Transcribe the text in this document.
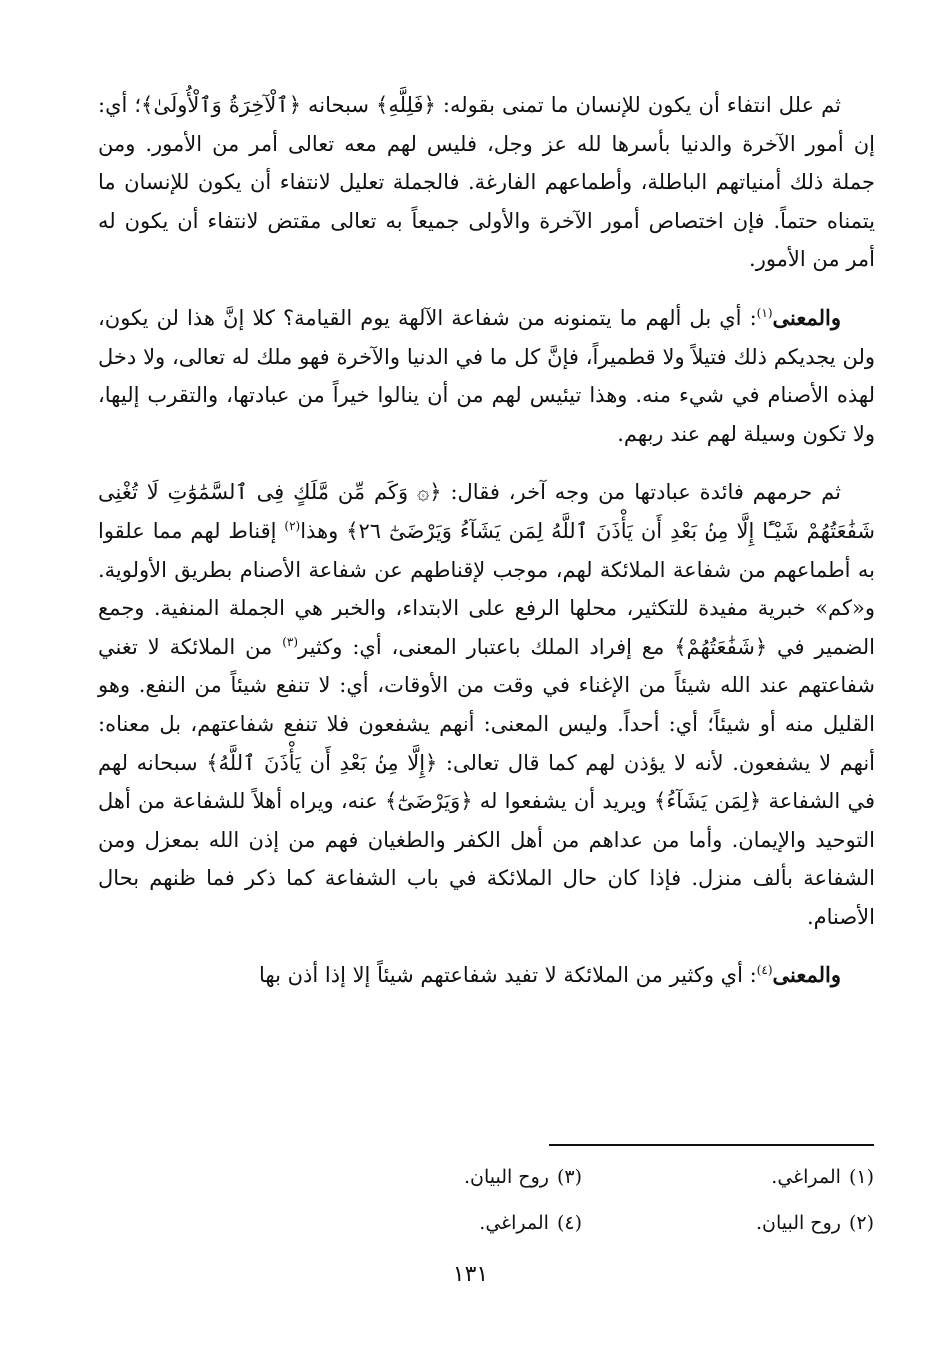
ثم علل انتفاء أن يكون للإنسان ما تمنى بقوله: ﴿فَلِلَّهِ﴾ سبحانه ﴿ٱلْآخِرَةُ وَٱلْأُولَىٰ﴾؛ أي: إن أمور الآخرة والدنيا بأسرها لله عز وجل، فليس لهم معه تعالى أمر من الأمور. ومن جملة ذلك أمنياتهم الباطلة، وأطماعهم الفارغة. فالجملة تعليل لانتفاء أن يكون للإنسان ما يتمناه حتماً. فإن اختصاص أمور الآخرة والأولى جميعاً به تعالى مقتض لانتفاء أن يكون له أمر من الأمور.

والمعنى$^{(١)}$: أي بل ألهم ما يتمنونه من شفاعة الآلهة يوم القيامة؟ كلا إنَّ هذا لن يكون، ولن يجديكم ذلك فتيلاً ولا قطميراً، فإنَّ كل ما في الدنيا والآخرة فهو ملك له تعالى، ولا دخل لهذه الأصنام في شيء منه. وهذا تيئيس لهم من أن ينالوا خيراً من عبادتها، والتقرب إليها، ولا تكون وسيلة لهم عند ربهم.

ثم حرمهم فائدة عبادتها من وجه آخر، فقال: ﴿۞ وَكَم مِّن مَّلَكٍ فِى ٱلسَّمَٰوَٰتِ لَا تُغْنِى شَفَٰعَتُهُمْ شَيْـًٔا إِلَّا مِنۢ بَعْدِ أَن يَأْذَنَ ٱللَّهُ لِمَن يَشَآءُ وَيَرْضَىٰٓ ٢٦﴾ وهذا$^{(٢)}$ إقناط لهم مما علقوا به أطماعهم من شفاعة الملائكة لهم، موجب لإقناطهم عن شفاعة الأصنام بطريق الأولوية. و«كم» خبرية مفيدة للتكثير، محلها الرفع على الابتداء، والخبر هي الجملة المنفية. وجمع الضمير في ﴿شَفَٰعَتُهُمْ﴾ مع إفراد الملك باعتبار المعنى، أي: وكثير$^{(٣)}$ من الملائكة لا تغني شفاعتهم عند الله شيئاً من الإغناء في وقت من الأوقات، أي: لا تنفع شيئاً من النفع. وهو القليل منه أو شيئاً؛ أي: أحداً. وليس المعنى: أنهم يشفعون فلا تنفع شفاعتهم، بل معناه: أنهم لا يشفعون. لأنه لا يؤذن لهم كما قال تعالى: ﴿إِلَّا مِنۢ بَعْدِ أَن يَأْذَنَ ٱللَّهُ﴾ سبحانه لهم في الشفاعة ﴿لِمَن يَشَآءُ﴾ ويريد أن يشفعوا له ﴿وَيَرْضَىٰٓ﴾ عنه، ويراه أهلاً للشفاعة من أهل التوحيد والإيمان. وأما من عداهم من أهل الكفر والطغيان فهم من إذن الله بمعزل ومن الشفاعة بألف منزل. فإذا كان حال الملائكة في باب الشفاعة كما ذكر فما ظنهم بحال الأصنام.

والمعنى$^{(٤)}$: أي وكثير من الملائكة لا تفيد شفاعتهم شيئاً إلا إذا أذن بها

(١)المراغي.
(٣)روح البيان.
(٢)روح البيان.
(٤)المراغي.
١٣١
